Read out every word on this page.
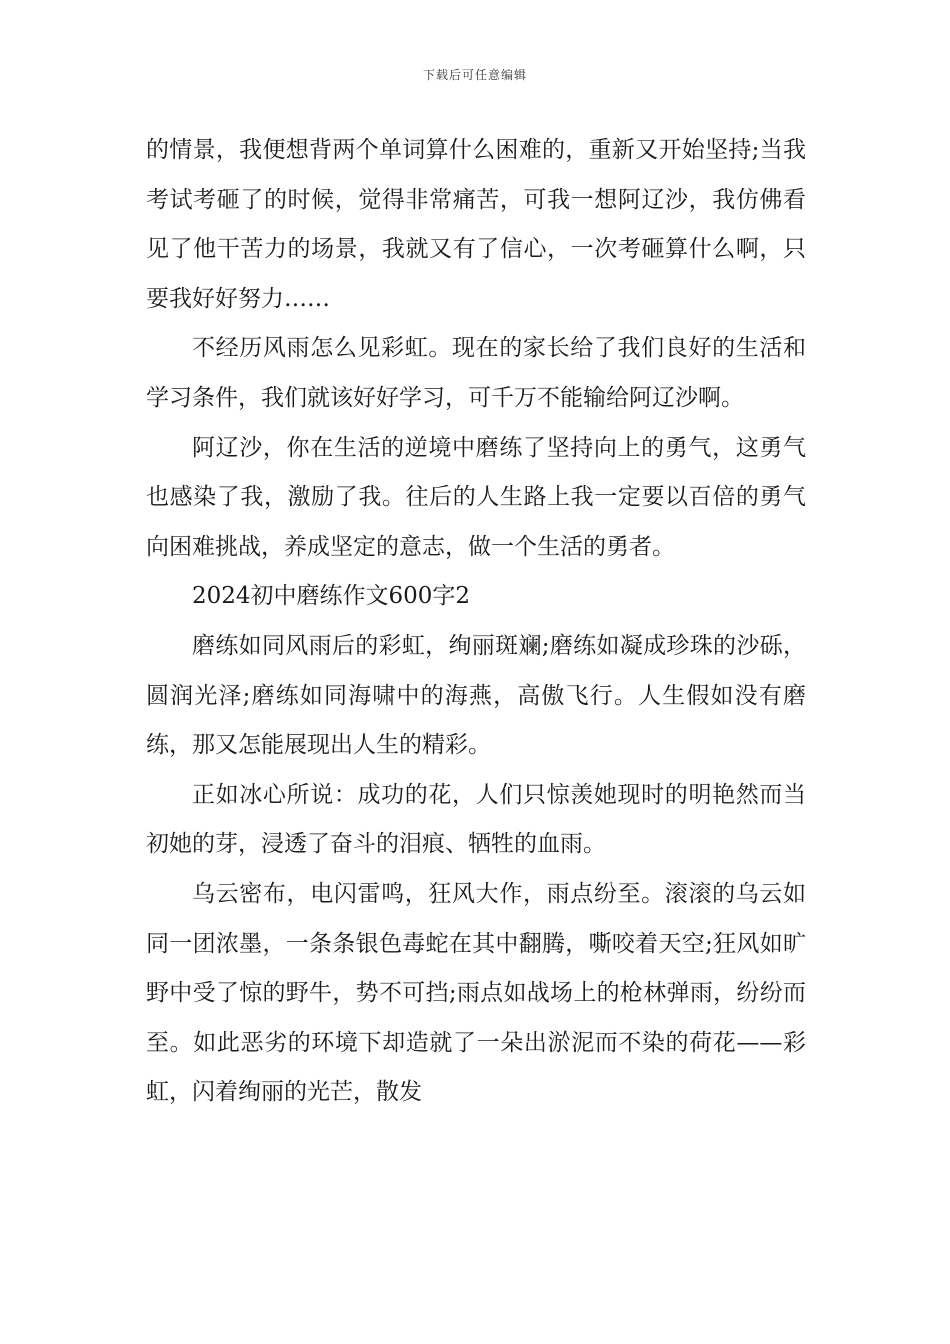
下载后可任意编辑

的情景，我便想背两个单词算什么困难的，重新又开始坚持;当我考试考砸了的时候，觉得非常痛苦，可我一想阿辽沙，我仿佛看见了他干苦力的场景，我就又有了信心，一次考砸算什么啊，只要我好好努力……

不经历风雨怎么见彩虹。现在的家长给了我们良好的生活和学习条件，我们就该好好学习，可千万不能输给阿辽沙啊。

阿辽沙，你在生活的逆境中磨练了坚持向上的勇气，这勇气也感染了我，激励了我。往后的人生路上我一定要以百倍的勇气向困难挑战，养成坚定的意志，做一个生活的勇者。

2024初中磨练作文600字2

磨练如同风雨后的彩虹，绚丽斑斓;磨练如凝成珍珠的沙砾，圆润光泽;磨练如同海啸中的海燕，高傲飞行。人生假如没有磨练，那又怎能展现出人生的精彩。

正如冰心所说：成功的花，人们只惊羡她现时的明艳然而当初她的芽，浸透了奋斗的泪痕、牺牲的血雨。

乌云密布，电闪雷鸣，狂风大作，雨点纷至。滚滚的乌云如同一团浓墨，一条条银色毒蛇在其中翻腾，嘶咬着天空;狂风如旷野中受了惊的野牛，势不可挡;雨点如战场上的枪林弹雨，纷纷而至。如此恶劣的环境下却造就了一朵出淤泥而不染的荷花——彩虹，闪着绚丽的光芒，散发
